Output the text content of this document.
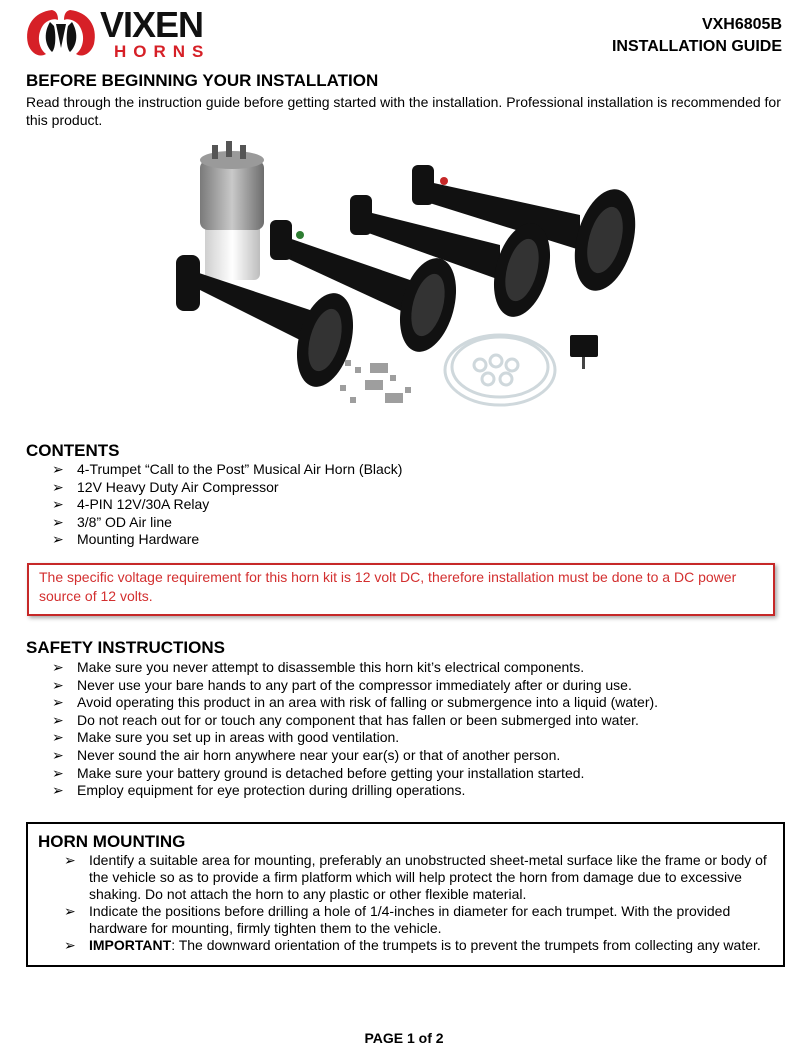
VIXEN
HORNS
VXH6805B
INSTALLATION GUIDE
BEFORE BEGINNING YOUR INSTALLATION
Read through the instruction guide before getting started with the installation. Professional installation is recommended for this product.
CONTENTS
➢ 4-Trumpet “Call to the Post” Musical Air Horn (Black)
➢ 12V Heavy Duty Air Compressor
➢ 4-PIN 12V/30A Relay
➢ 3/8” OD Air line
➢ Mounting Hardware
The specific voltage requirement for this horn kit is 12 volt DC, therefore installation must be done to a DC power source of 12 volts.
SAFETY INSTRUCTIONS
➢ Make sure you never attempt to disassemble this horn kit’s electrical components.
➢ Never use your bare hands to any part of the compressor immediately after or during use.
➢ Avoid operating this product in an area with risk of falling or submergence into a liquid (water).
➢ Do not reach out for or touch any component that has fallen or been submerged into water.
➢ Make sure you set up in areas with good ventilation.
➢ Never sound the air horn anywhere near your ear(s) or that of another person.
➢ Make sure your battery ground is detached before getting your installation started.
➢ Employ equipment for eye protection during drilling operations.
HORN MOUNTING
➢ Identify a suitable area for mounting, preferably an unobstructed sheet-metal surface like the frame or body of the vehicle so as to provide a firm platform which will help protect the horn from damage due to excessive shaking. Do not attach the horn to any plastic or other flexible material.
➢ Indicate the positions before drilling a hole of 1/4-inches in diameter for each trumpet. With the provided hardware for mounting, firmly tighten them to the vehicle.
➢ IMPORTANT: The downward orientation of the trumpets is to prevent the trumpets from collecting any water.
PAGE 1 of 2
